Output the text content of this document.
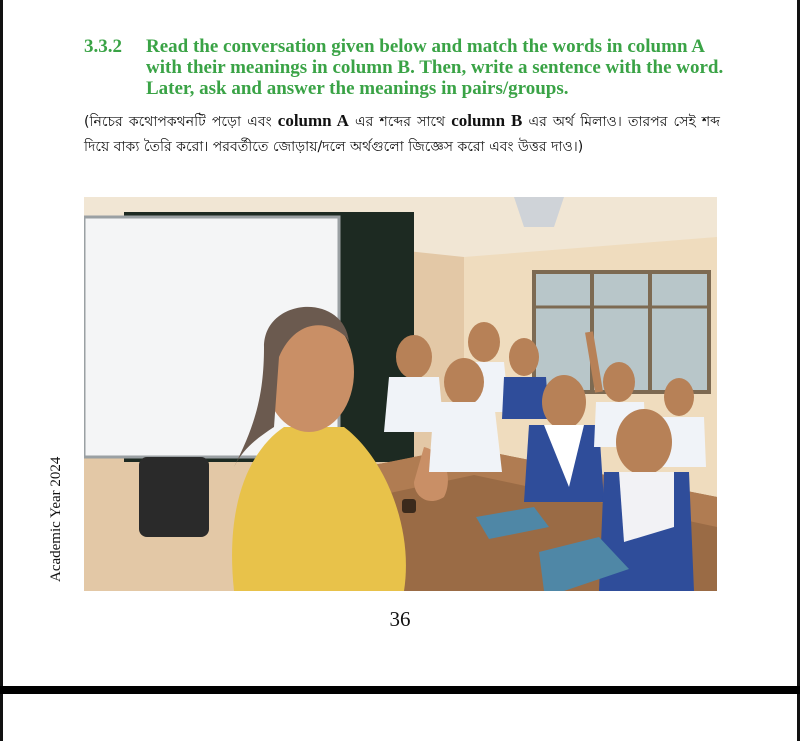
3.3.2 Read the conversation given below and match the words in column A with their meanings in column B. Then, write a sentence with the word. Later, ask and answer the meanings in pairs/groups.
(নিচের কথোপকথনটি পড়ো এবং column A এর শব্দের সাথে column B এর অর্থ মিলাও। তারপর সেই শব্দ দিয়ে বাক্য তৈরি করো। পরবর্তীতে জোড়ায়/দলে অর্থগুলো জিজ্ঞেস করো এবং উত্তর দাও।)
Academic Year 2024
36
